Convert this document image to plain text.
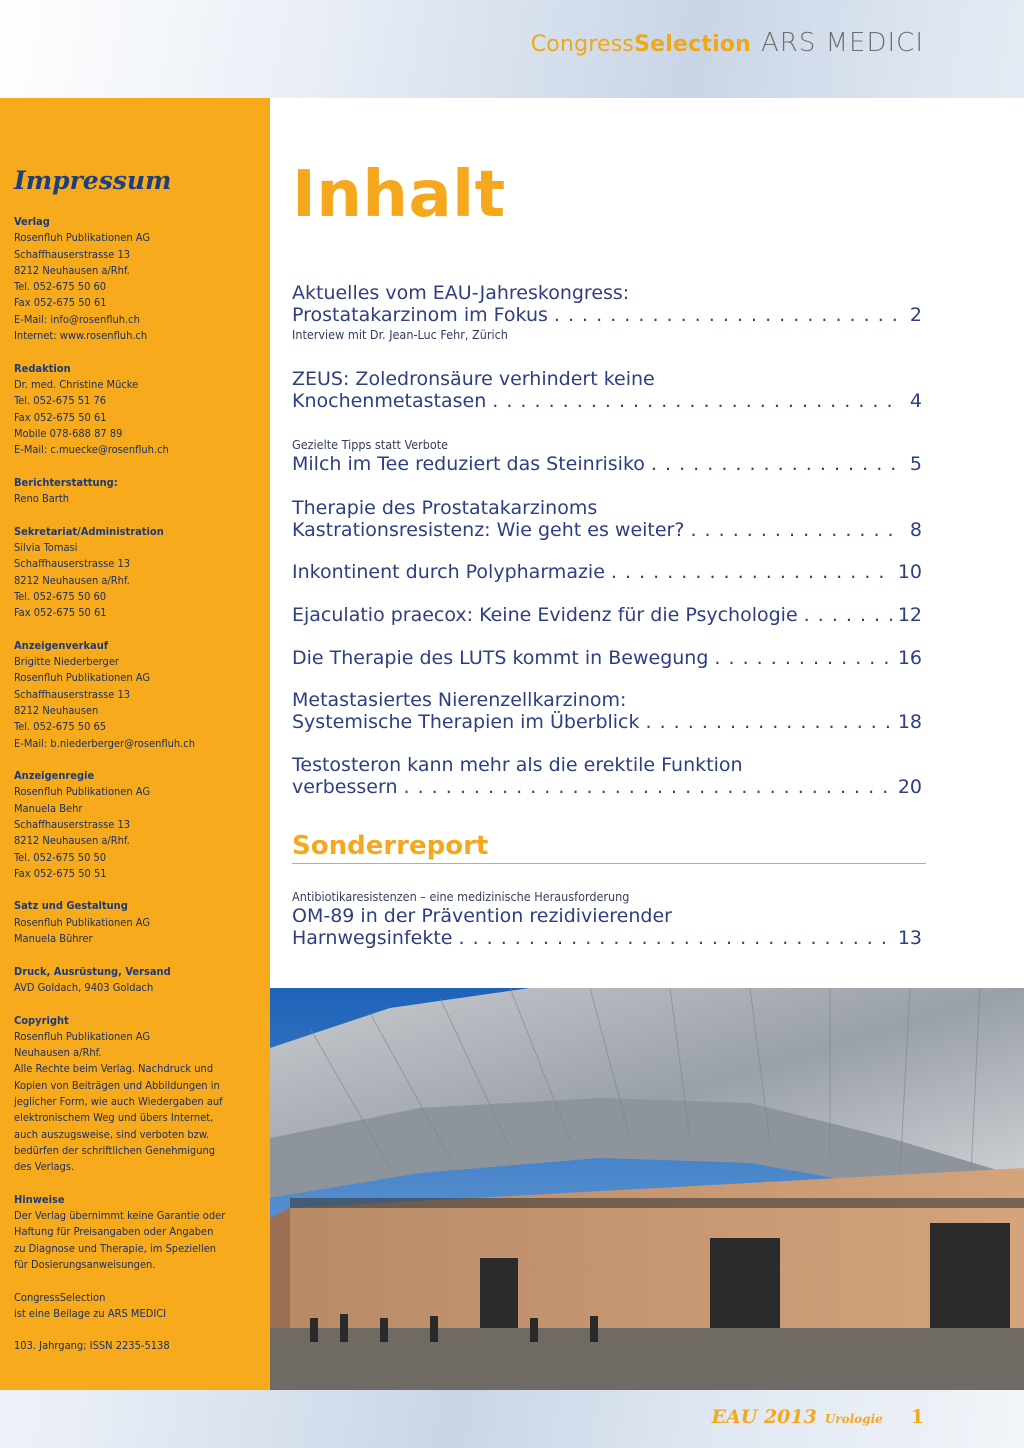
CongressSelection ARS MEDICI
Impressum
Verlag
Rosenfluh Publikationen AG
Schaffhauserstrasse 13
8212 Neuhausen a/Rhf.
Tel. 052-675 50 60
Fax 052-675 50 61
E-Mail: info@rosenfluh.ch
Internet: www.rosenfluh.ch
Redaktion
Dr. med. Christine Mücke
Tel. 052-675 51 76
Fax 052-675 50 61
Mobile 078-688 87 89
E-Mail: c.muecke@rosenfluh.ch
Berichterstattung:
Reno Barth
Sekretariat/Administration
Silvia Tomasi
Schaffhauserstrasse 13
8212 Neuhausen a/Rhf.
Tel. 052-675 50 60
Fax 052-675 50 61
Anzeigenverkauf
Brigitte Niederberger
Rosenfluh Publikationen AG
Schaffhauserstrasse 13
8212 Neuhausen
Tel. 052-675 50 65
E-Mail: b.niederberger@rosenfluh.ch
Anzeigenregie
Rosenfluh Publikationen AG
Manuela Behr
Schaffhauserstrasse 13
8212 Neuhausen a/Rhf.
Tel. 052-675 50 50
Fax 052-675 50 51
Satz und Gestaltung
Rosenfluh Publikationen AG
Manuela Bührer
Druck, Ausrüstung, Versand
AVD Goldach, 9403 Goldach
Copyright
Rosenfluh Publikationen AG
Neuhausen a/Rhf.
Alle Rechte beim Verlag. Nachdruck und
Kopien von Beiträgen und Abbildungen in
jeglicher Form, wie auch Wiedergaben auf
elektronischem Weg und übers Internet,
auch auszugsweise, sind verboten bzw.
bedürfen der schriftlichen Genehmigung
des Verlags.
Hinweise
Der Verlag übernimmt keine Garantie oder
Haftung für Preisangaben oder Angaben
zu Diagnose und Therapie, im Speziellen
für Dosierungsanweisungen.
CongressSelection
ist eine Beilage zu ARS MEDICI
103. Jahrgang; ISSN 2235-5138
Inhalt
Aktuelles vom EAU-Jahreskongress:
Prostatakarzinom im Fokus . . .	2
Interview mit Dr. Jean-Luc Fehr, Zürich
ZEUS: Zoledronsäure verhindert keine
Knochenmetastasen . . .	4
Gezielte Tipps statt Verbote
Milch im Tee reduziert das Steinrisiko . . .	5
Therapie des Prostatakarzinoms
Kastrationsresistenz: Wie geht es weiter? . . .	8
Inkontinent durch Polypharmazie . . .	10
Ejaculatio praecox: Keine Evidenz für die Psychologie . . .	12
Die Therapie des LUTS kommt in Bewegung . . .	16
Metastasiertes Nierenzellkarzinom:
Systemische Therapien im Überblick . . .	18
Testosteron kann mehr als die erektile Funktion
verbessern . . .	20
Sonderreport
Antibiotikaresistenzen – eine medizinische Herausforderung
OM-89 in der Prävention rezidivierender
Harnwegsinfekte . . .	13
EAU 2013 Urologie 1
